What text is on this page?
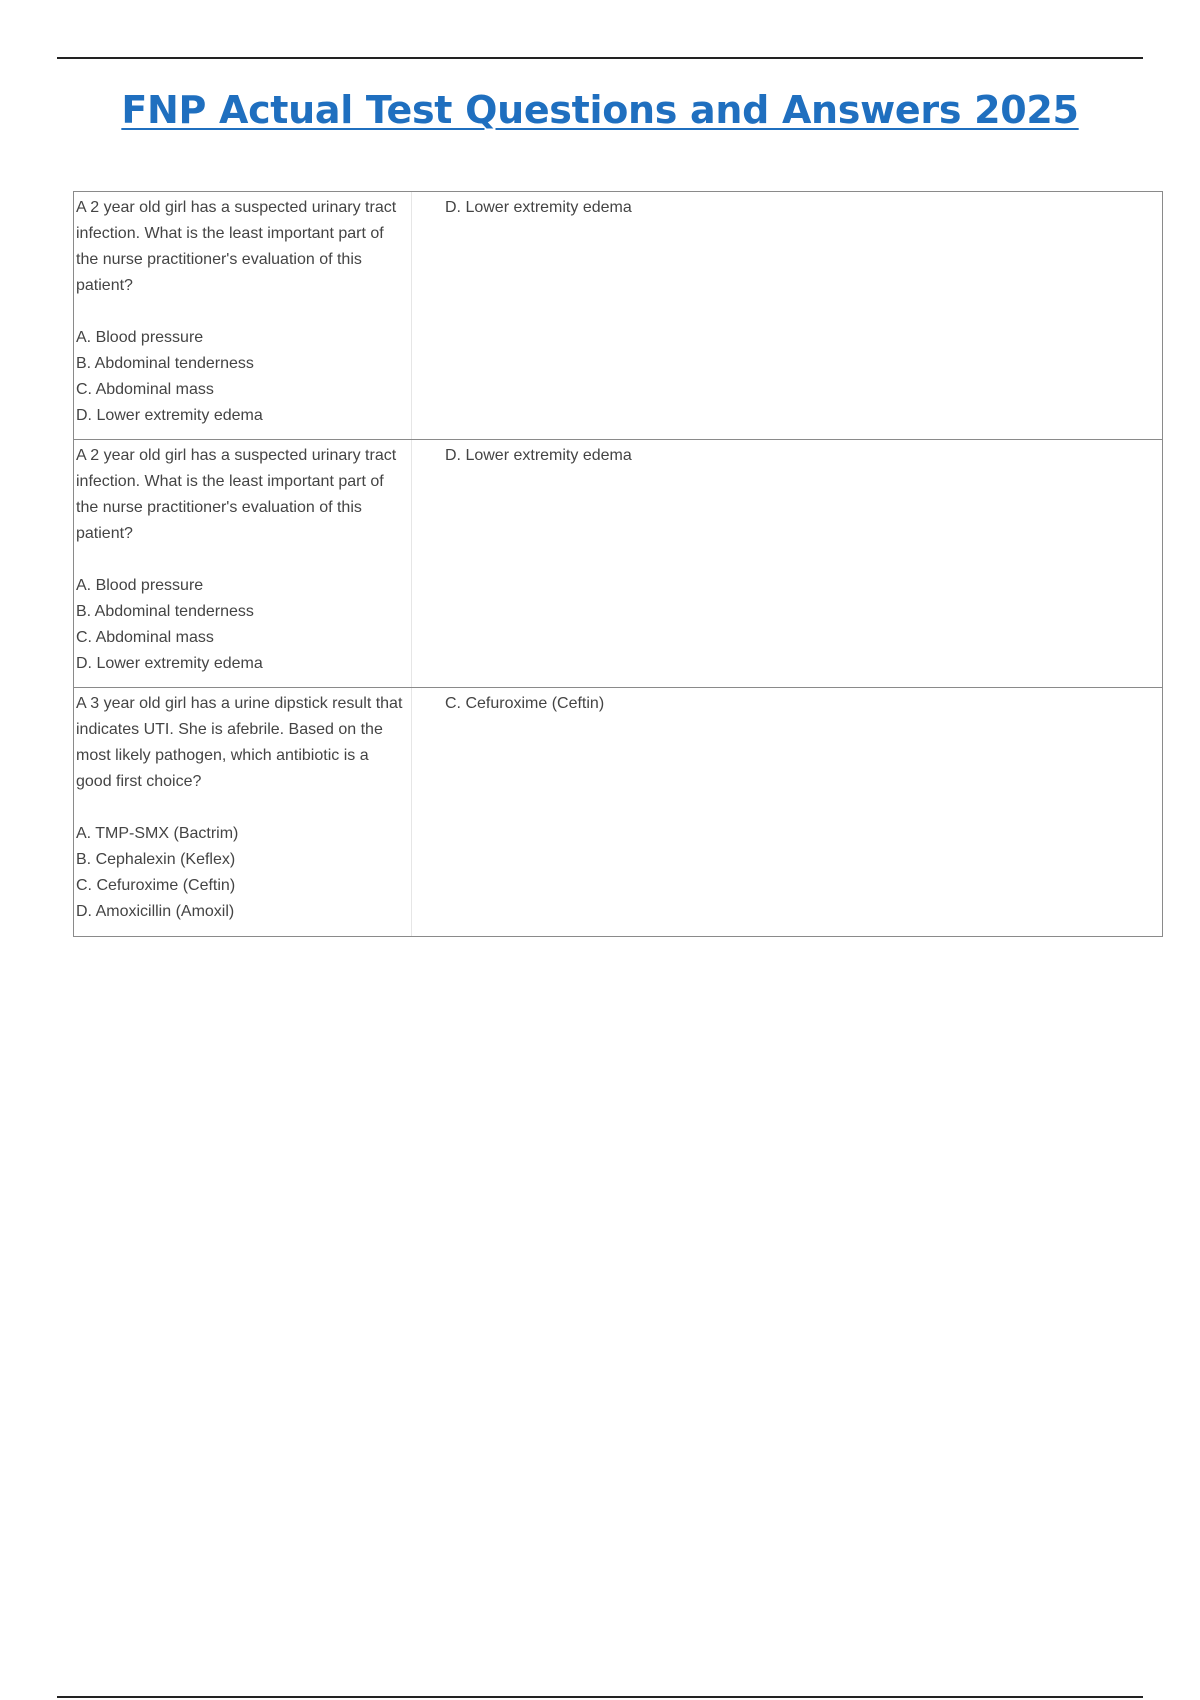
FNP Actual Test Questions and Answers 2025

A 2 year old girl has a suspected urinary tract infection. What is the least important part of the nurse practitioner's evaluation of this patient?

A. Blood pressure

B. Abdominal tenderness

C. Abdominal mass

D. Lower extremity edema

D. Lower extremity edema

A 2 year old girl has a suspected urinary tract infection. What is the least important part of the nurse practitioner's evaluation of this patient?

A. Blood pressure

B. Abdominal tenderness

C. Abdominal mass

D. Lower extremity edema

D. Lower extremity edema

A 3 year old girl has a urine dipstick result that indicates UTI. She is afebrile. Based on the most likely pathogen, which antibiotic is a good first choice?

A. TMP-SMX (Bactrim)

B. Cephalexin (Keflex)

C. Cefuroxime (Ceftin)

D. Amoxicillin (Amoxil)

C. Cefuroxime (Ceftin)
